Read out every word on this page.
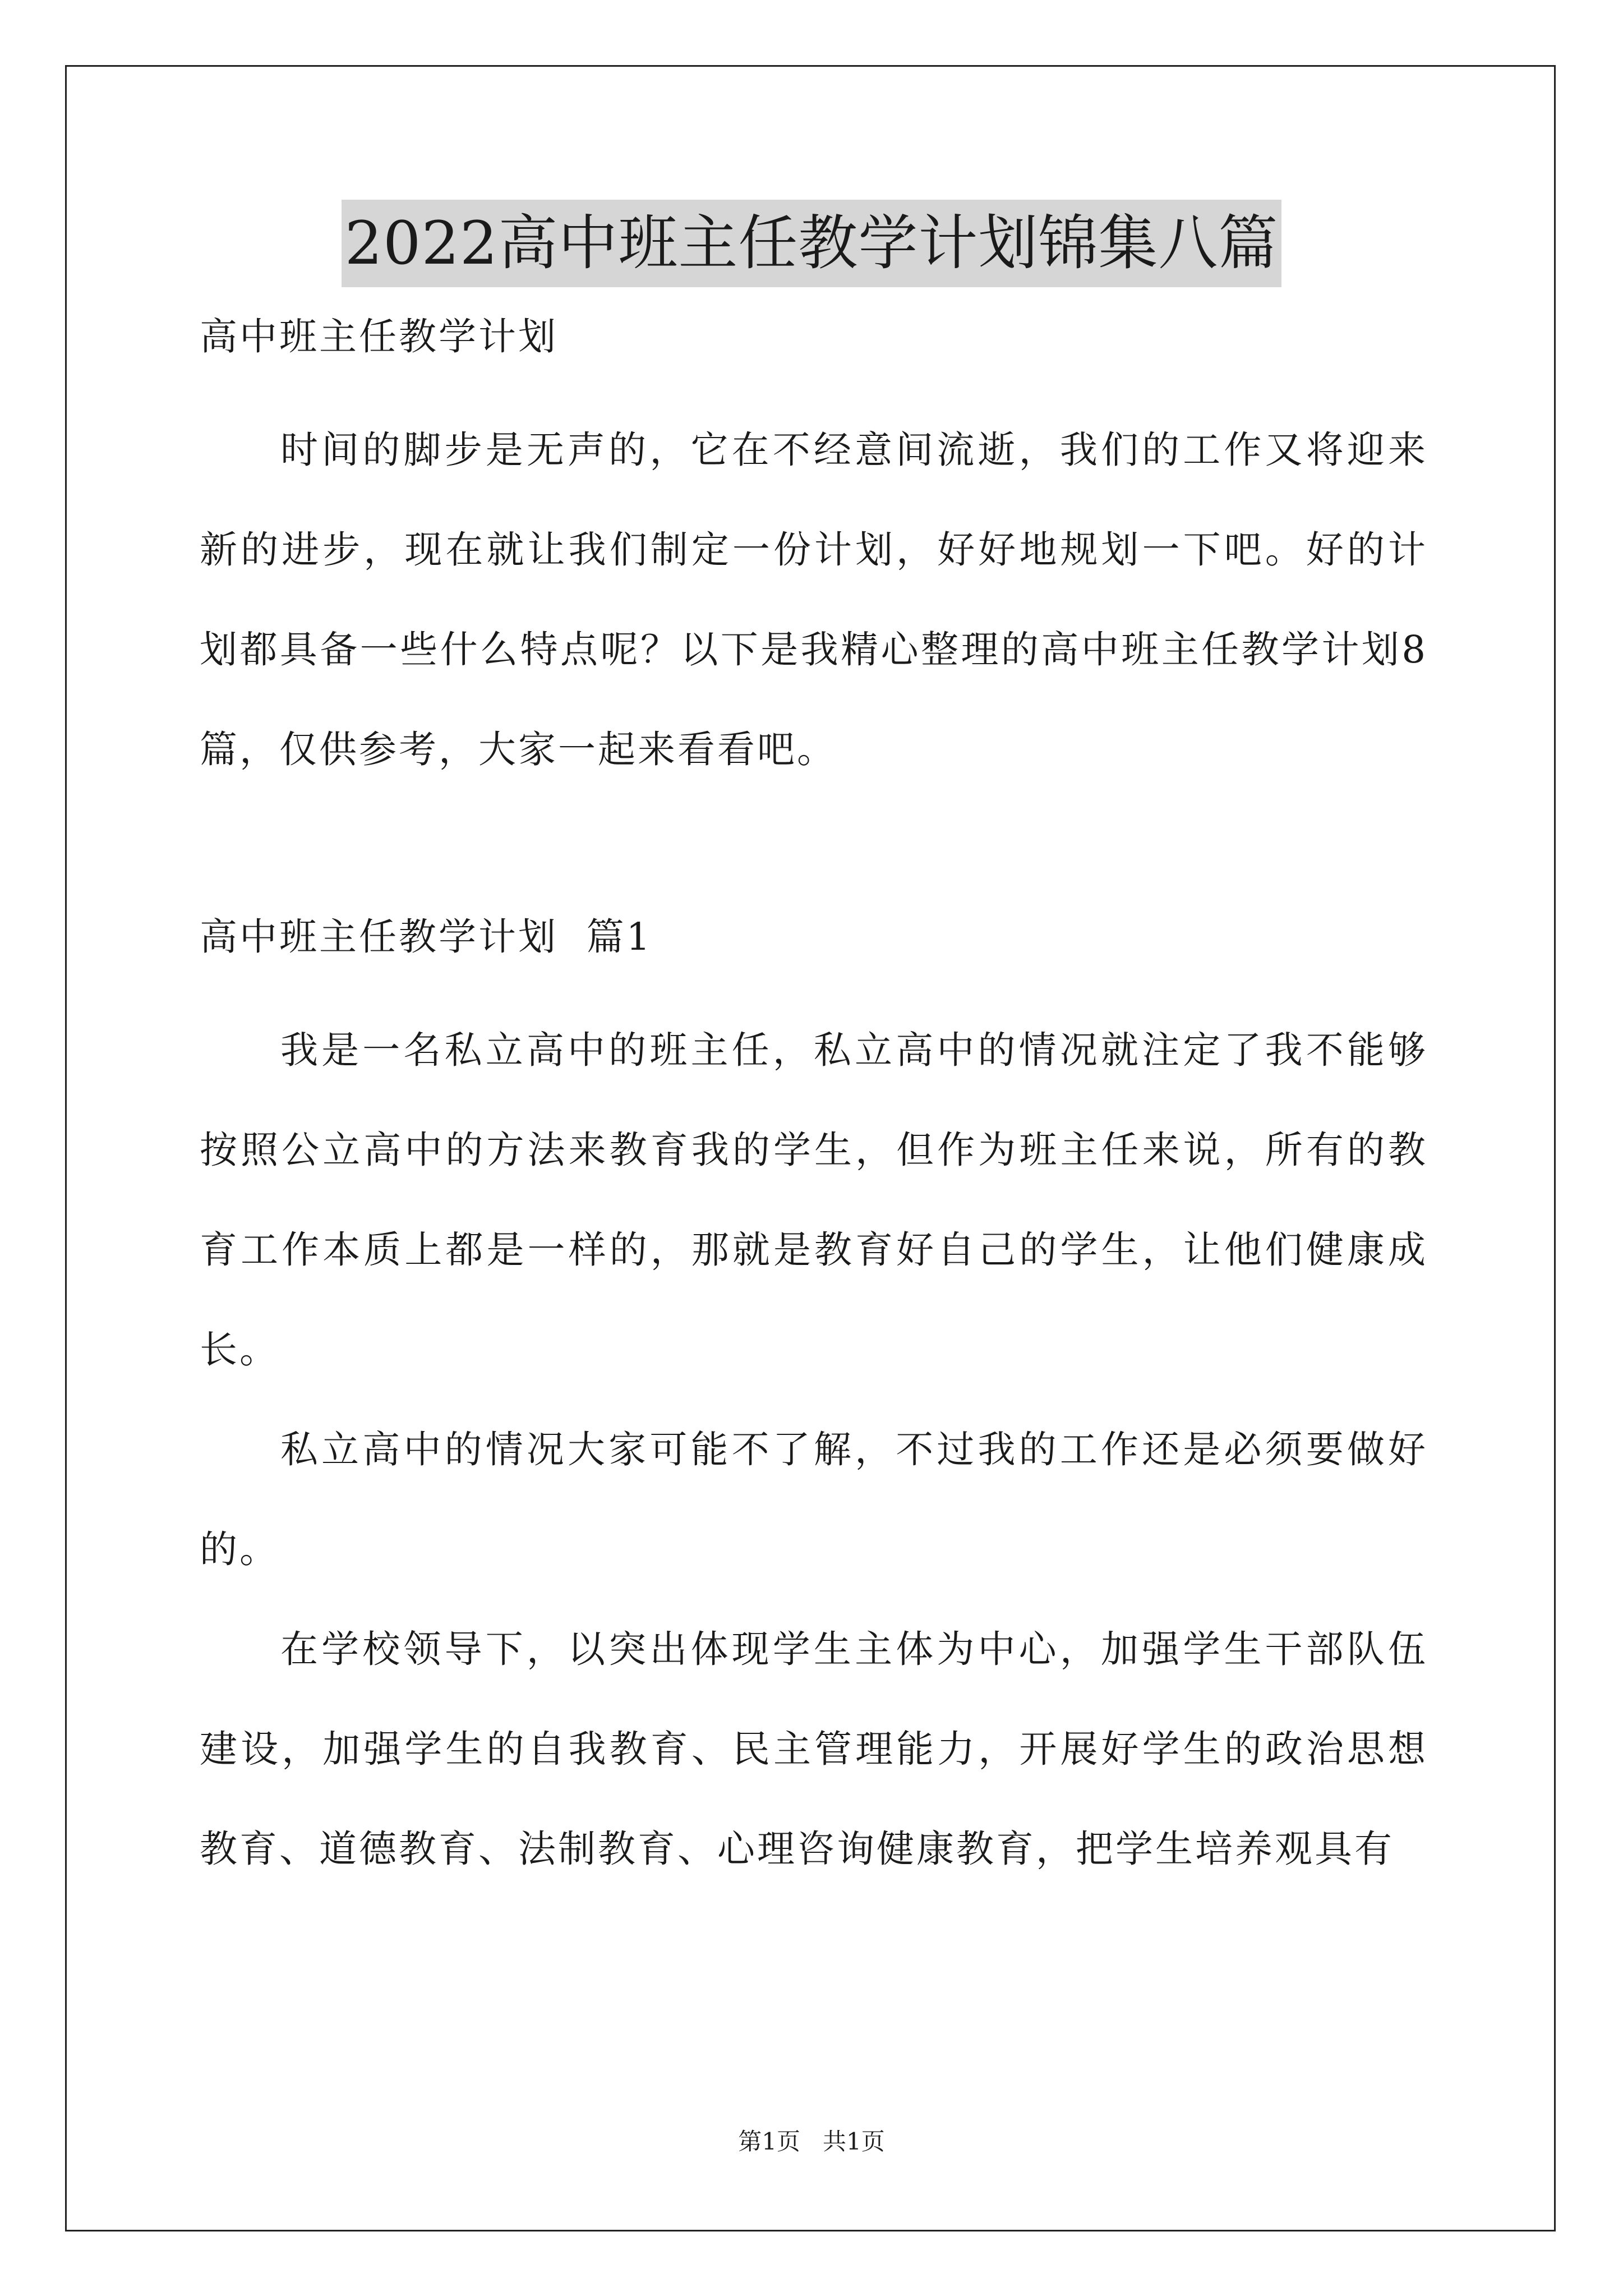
2022高中班主任教学计划锦集八篇

高中班主任教学计划

时间的脚步是无声的，它在不经意间流逝，我们的工作又将迎来新的进步，现在就让我们制定一份计划，好好地规划一下吧。好的计划都具备一些什么特点呢？以下是我精心整理的高中班主任教学计划8篇，仅供参考，大家一起来看看吧。

高中班主任教学计划  篇1

我是一名私立高中的班主任，私立高中的情况就注定了我不能够按照公立高中的方法来教育我的学生，但作为班主任来说，所有的教育工作本质上都是一样的，那就是教育好自己的学生，让他们健康成长。

私立高中的情况大家可能不了解，不过我的工作还是必须要做好的。

在学校领导下，以突出体现学生主体为中心，加强学生干部队伍建设，加强学生的自我教育、民主管理能力，开展好学生的政治思想教育、道德教育、法制教育、心理咨询健康教育，把学生培养观具有

第1页   共1页
